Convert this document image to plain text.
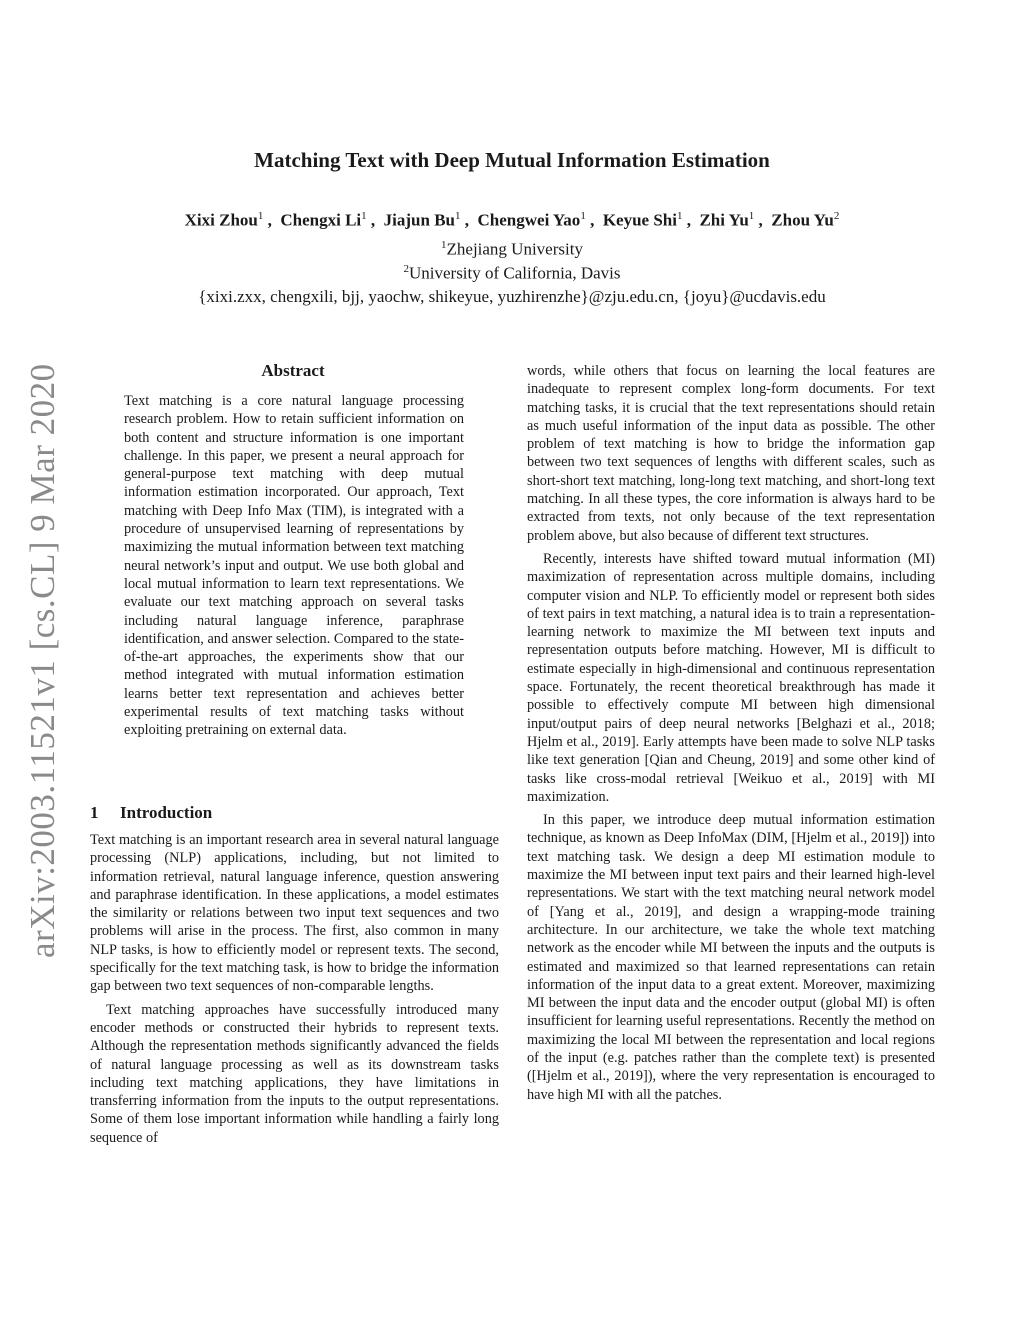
arXiv:2003.11521v1 [cs.CL] 9 Mar 2020
Matching Text with Deep Mutual Information Estimation
Xixi Zhou$^1$ ,  Chengxi Li$^1$ ,  Jiajun Bu$^1$ ,  Chengwei Yao$^1$ ,  Keyue Shi$^1$ ,  Zhi Yu$^1$ ,  Zhou Yu$^2$
$^1$Zhejiang University
$^2$University of California, Davis
{xixi.zxx, chengxili, bjj, yaochw, shikeyue, yuzhirenzhe}@zju.edu.cn, {joyu}@ucdavis.edu
Abstract
Text matching is a core natural language processing research problem. How to retain sufficient information on both content and structure information is one important challenge. In this paper, we present a neural approach for general-purpose text matching with deep mutual information estimation incorporated. Our approach, Text matching with Deep Info Max (TIM), is integrated with a procedure of unsupervised learning of representations by maximizing the mutual information between text matching neural network’s input and output. We use both global and local mutual information to learn text representations. We evaluate our text matching approach on several tasks including natural language inference, paraphrase identification, and answer selection. Compared to the state-of-the-art approaches, the experiments show that our method integrated with mutual information estimation learns better text representation and achieves better experimental results of text matching tasks without exploiting pretraining on external data.
1 Introduction

Text matching is an important research area in several natural language processing (NLP) applications, including, but not limited to information retrieval, natural language inference, question answering and paraphrase identification. In these applications, a model estimates the similarity or relations between two input text sequences and two problems will arise in the process. The first, also common in many NLP tasks, is how to efficiently model or represent texts. The second, specifically for the text matching task, is how to bridge the information gap between two text sequences of non-comparable lengths.

Text matching approaches have successfully introduced many encoder methods or constructed their hybrids to represent texts. Although the representation methods significantly advanced the fields of natural language processing as well as its downstream tasks including text matching applications, they have limitations in transferring information from the inputs to the output representations. Some of them lose important information while handling a fairly long sequence of

words, while others that focus on learning the local features are inadequate to represent complex long-form documents. For text matching tasks, it is crucial that the text representations should retain as much useful information of the input data as possible. The other problem of text matching is how to bridge the information gap between two text sequences of lengths with different scales, such as short-short text matching, long-long text matching, and short-long text matching. In all these types, the core information is always hard to be extracted from texts, not only because of the text representation problem above, but also because of different text structures.

Recently, interests have shifted toward mutual information (MI) maximization of representation across multiple domains, including computer vision and NLP. To efficiently model or represent both sides of text pairs in text matching, a natural idea is to train a representation-learning network to maximize the MI between text inputs and representation outputs before matching. However, MI is difficult to estimate especially in high-dimensional and continuous representation space. Fortunately, the recent theoretical breakthrough has made it possible to effectively compute MI between high dimensional input/output pairs of deep neural networks [Belghazi et al., 2018; Hjelm et al., 2019]. Early attempts have been made to solve NLP tasks like text generation [Qian and Cheung, 2019] and some other kind of tasks like cross-modal retrieval [Weikuo et al., 2019] with MI maximization.

In this paper, we introduce deep mutual information estimation technique, as known as Deep InfoMax (DIM, [Hjelm et al., 2019]) into text matching task. We design a deep MI estimation module to maximize the MI between input text pairs and their learned high-level representations. We start with the text matching neural network model of [Yang et al., 2019], and design a wrapping-mode training architecture. In our architecture, we take the whole text matching network as the encoder while MI between the inputs and the outputs is estimated and maximized so that learned representations can retain information of the input data to a great extent. Moreover, maximizing MI between the input data and the encoder output (global MI) is often insufficient for learning useful representations. Recently the method on maximizing the local MI between the representation and local regions of the input (e.g. patches rather than the complete text) is presented ([Hjelm et al., 2019]), where the very representation is encouraged to have high MI with all the patches.
